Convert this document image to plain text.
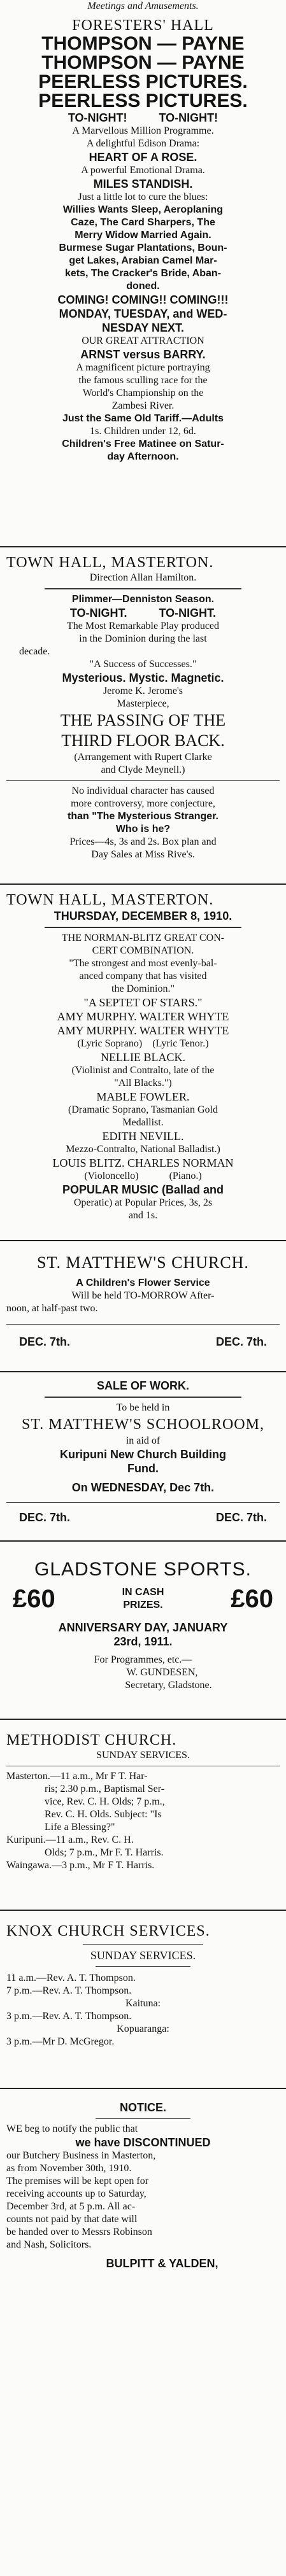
Meetings and Amusements.
FORESTERS' HALL
THOMPSON — PAYNE
THOMPSON — PAYNE
PEERLESS PICTURES.
PEERLESS PICTURES.
TO-NIGHT!          TO-NIGHT!
A Marvellous Million Programme.
A delightful Edison Drama:
HEART OF A ROSE.
A powerful Emotional Drama.
MILES STANDISH.
Just a little lot to cure the blues:
Willies Wants Sleep, Aeroplaning
Caze, The Card Sharpers, The
Merry Widow Married Again.
Burmese Sugar Plantations, Boun-
get Lakes, Arabian Camel Mar-
kets, The Cracker's Bride, Aban-
doned.
COMING! COMING!! COMING!!!
MONDAY, TUESDAY, and WED-
NESDAY NEXT.
OUR GREAT ATTRACTION
ARNST versus BARRY.
A magnificent picture portraying
the famous sculling race for the
World's Championship on the
Zambesi River.
Just the Same Old Tariff.—Adults
1s. Children under 12, 6d.
Children's Free Matinee on Satur-
day Afternoon.
TOWN HALL, MASTERTON.
Direction Allan Hamilton.
Plimmer—Denniston Season.
TO-NIGHT.          TO-NIGHT.
The Most Remarkable Play produced
in the Dominion during the last
decade.
"A Success of Successes."
Mysterious. Mystic. Magnetic.
Jerome K. Jerome's
Masterpiece,
THE PASSING OF THE
THIRD FLOOR BACK.
(Arrangement with Rupert Clarke
and Clyde Meynell.)
No individual character has caused
more controversy, more conjecture,
than "The Mysterious Stranger.
Who is he?
Prices—4s, 3s and 2s. Box plan and
Day Sales at Miss Rive's.
TOWN HALL, MASTERTON.
THURSDAY, DECEMBER 8, 1910.
THE NORMAN-BLITZ GREAT CON-
CERT COMBINATION.
"The strongest and most evenly-bal-
anced company that has visited
the Dominion."
"A SEPTET OF STARS."
AMY MURPHY. WALTER WHYTE
AMY MURPHY. WALTER WHYTE
(Lyric Soprano)    (Lyric Tenor.)
NELLIE BLACK.
(Violinist and Contralto, late of the
"All Blacks.")
MABLE FOWLER.
(Dramatic Soprano, Tasmanian Gold
Medallist.
EDITH NEVILL.
Mezzo-Contralto, National Balladist.)
LOUIS BLITZ. CHARLES NORMAN
(Violoncello)            (Piano.)
POPULAR MUSIC (Ballad and
Operatic) at Popular Prices, 3s, 2s
and 1s.
ST. MATTHEW'S CHURCH.
A Children's Flower Service
Will be held TO-MORROW After-
noon, at half-past two.
DEC. 7th.	DEC. 7th.
SALE OF WORK.
To be held in
ST. MATTHEW'S SCHOOLROOM,
in aid of
Kuripuni New Church Building
Fund.
On WEDNESDAY, Dec 7th.
DEC. 7th.	DEC. 7th.
GLADSTONE SPORTS.
£60	IN CASH PRIZES.	£60
ANNIVERSARY DAY, JANUARY
23rd, 1911.
For Programmes, etc.—
W. GUNDESEN,
Secretary, Gladstone.
METHODIST CHURCH.
SUNDAY SERVICES.
Masterton.—11 a.m., Mr F T. Har-
ris; 2.30 p.m., Baptismal Ser-
vice, Rev. C. H. Olds; 7 p.m.,
Rev. C. H. Olds. Subject: "Is
Life a Blessing?"
Kuripuni.—11 a.m., Rev. C. H.
Olds; 7 p.m., Mr F. T. Harris.
Waingawa.—3 p.m., Mr F T. Harris.
KNOX CHURCH SERVICES.
SUNDAY SERVICES.
11 a.m.—Rev. A. T. Thompson.
7 p.m.—Rev. A. T. Thompson.
Kaituna:
3 p.m.—Rev. A. T. Thompson.
Kopuaranga:
3 p.m.—Mr D. McGregor.
NOTICE.
WE beg to notify the public that
we have DISCONTINUED
our Butchery Business in Masterton,
as from November 30th, 1910.
The premises will be kept open for
receiving accounts up to Saturday,
December 3rd, at 5 p.m. All ac-
counts not paid by that date will
be handed over to Messrs Robinson
and Nash, Solicitors.
BULPITT & YALDEN,
